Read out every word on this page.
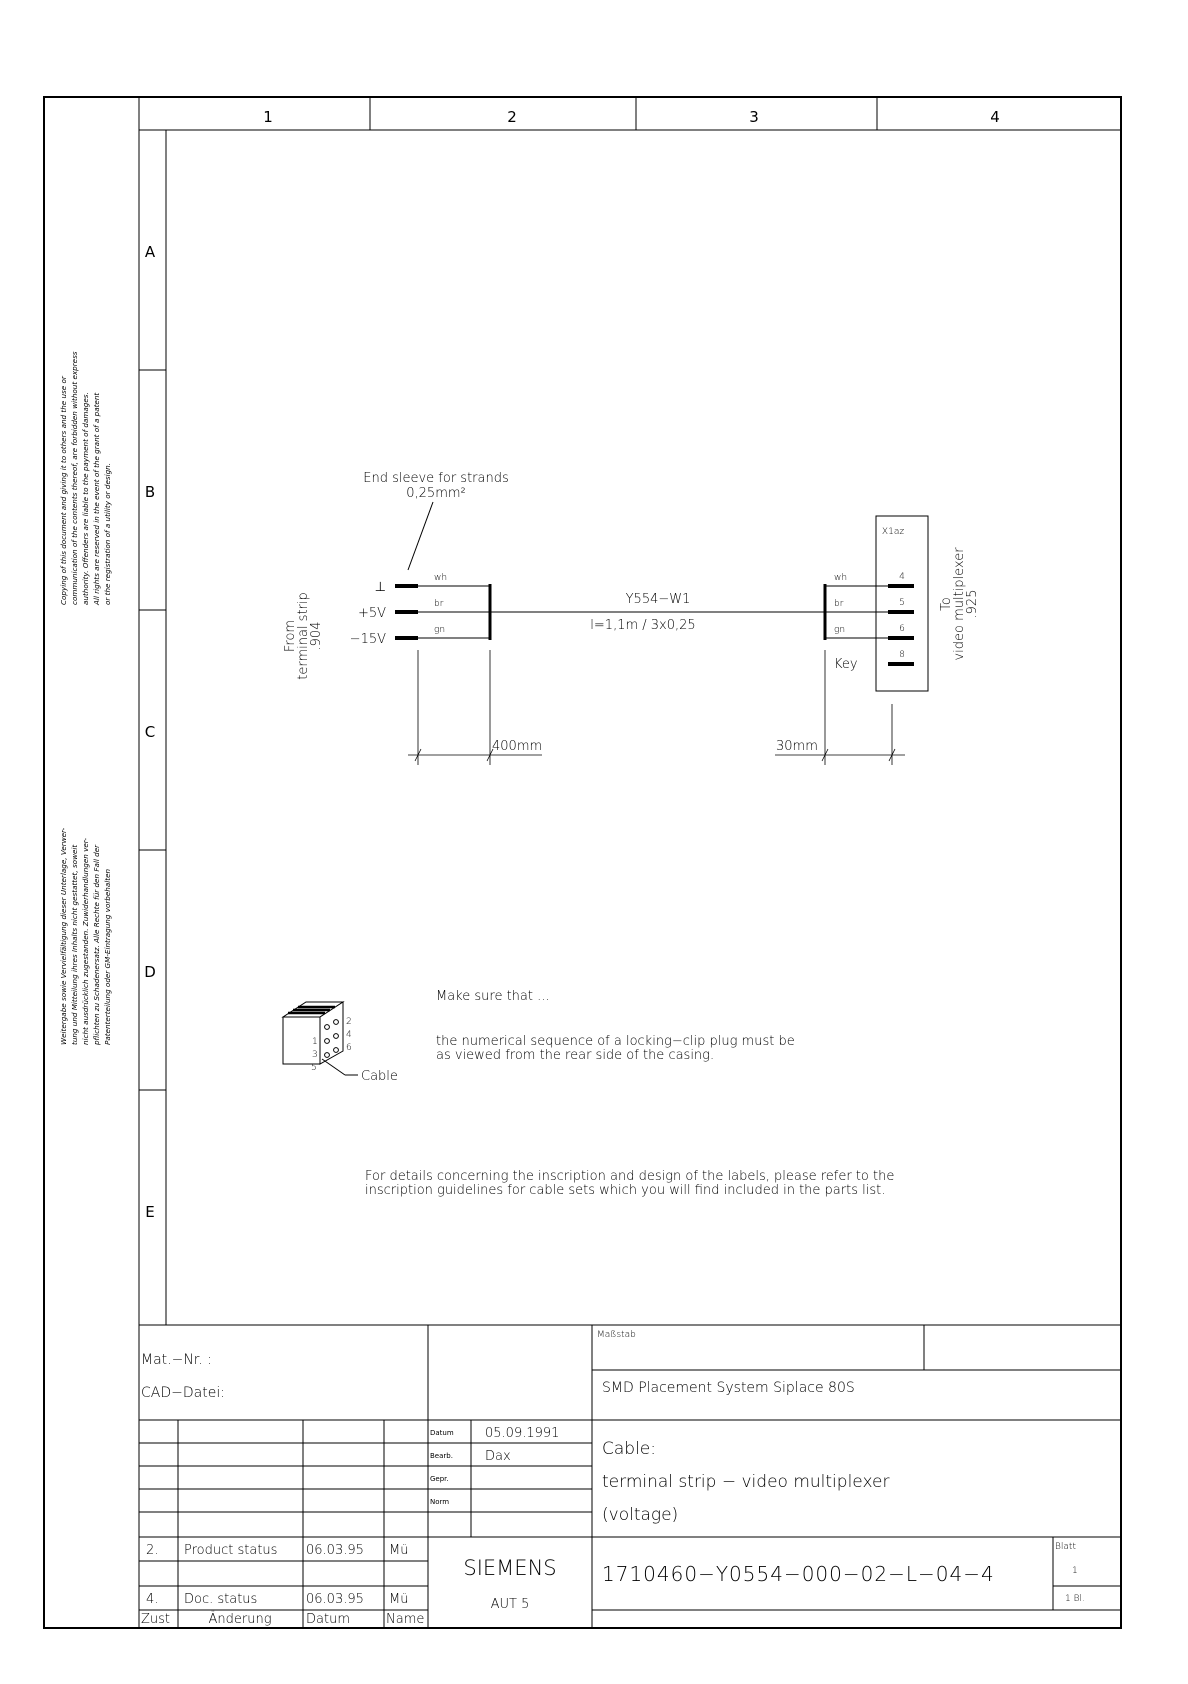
1	2	3	4
A
B
C
D
E
Copying of this document and giving it to others and the use or communication of the contents thereof, are forbidden without express authority. Offenders are liable to the payment of damages. All rights are reserved in the event of the grant of a patent or the registration of a utility or design.
Weitergabe sowie Vervielfältigung dieser Unterlage, Verwer- tung und Mitteilung ihres Inhalts nicht gestattet, soweit nicht ausdrücklich zugestanden. Zuwiderhandlungen ver- pflichten zu Schadenersatz. Alle Rechte für den Fall der Patenterteilung oder GM-Eintragung vorbehalten
End sleeve for strands
0,25mm²
From
terminal strip
.904
⊥
+5V
−15V
wh
br
gn
Y554−W1
l=1,1m / 3x0,25
wh
br
gn
X1az
4
5
6
8
Key
To
video multiplexer
.925
400mm	30mm
1
3
5
2
4
6
Cable
Make sure that ...
the numerical sequence of a locking−clip plug must be
as viewed from the rear side of the casing.
For details concerning the inscription and design of the labels, please refer to the
inscription guidelines for cable sets which you will find included in the parts list.
Mat.−Nr. :
CAD−Datei:
Maßstab
SMD Placement System Siplace 80S
Datum 05.09.1991
Bearb. Dax
Gepr.
Norm
Cable:
terminal strip − video multiplexer
(voltage)
SIEMENS
AUT 5
1710460−Y0554−000−02−L−04−4
Blatt
1
1 Bl.
2. Product status 06.03.95 Mü
4. Doc. status	06.03.95 Mü
Zust	Änderung	Datum	Name
